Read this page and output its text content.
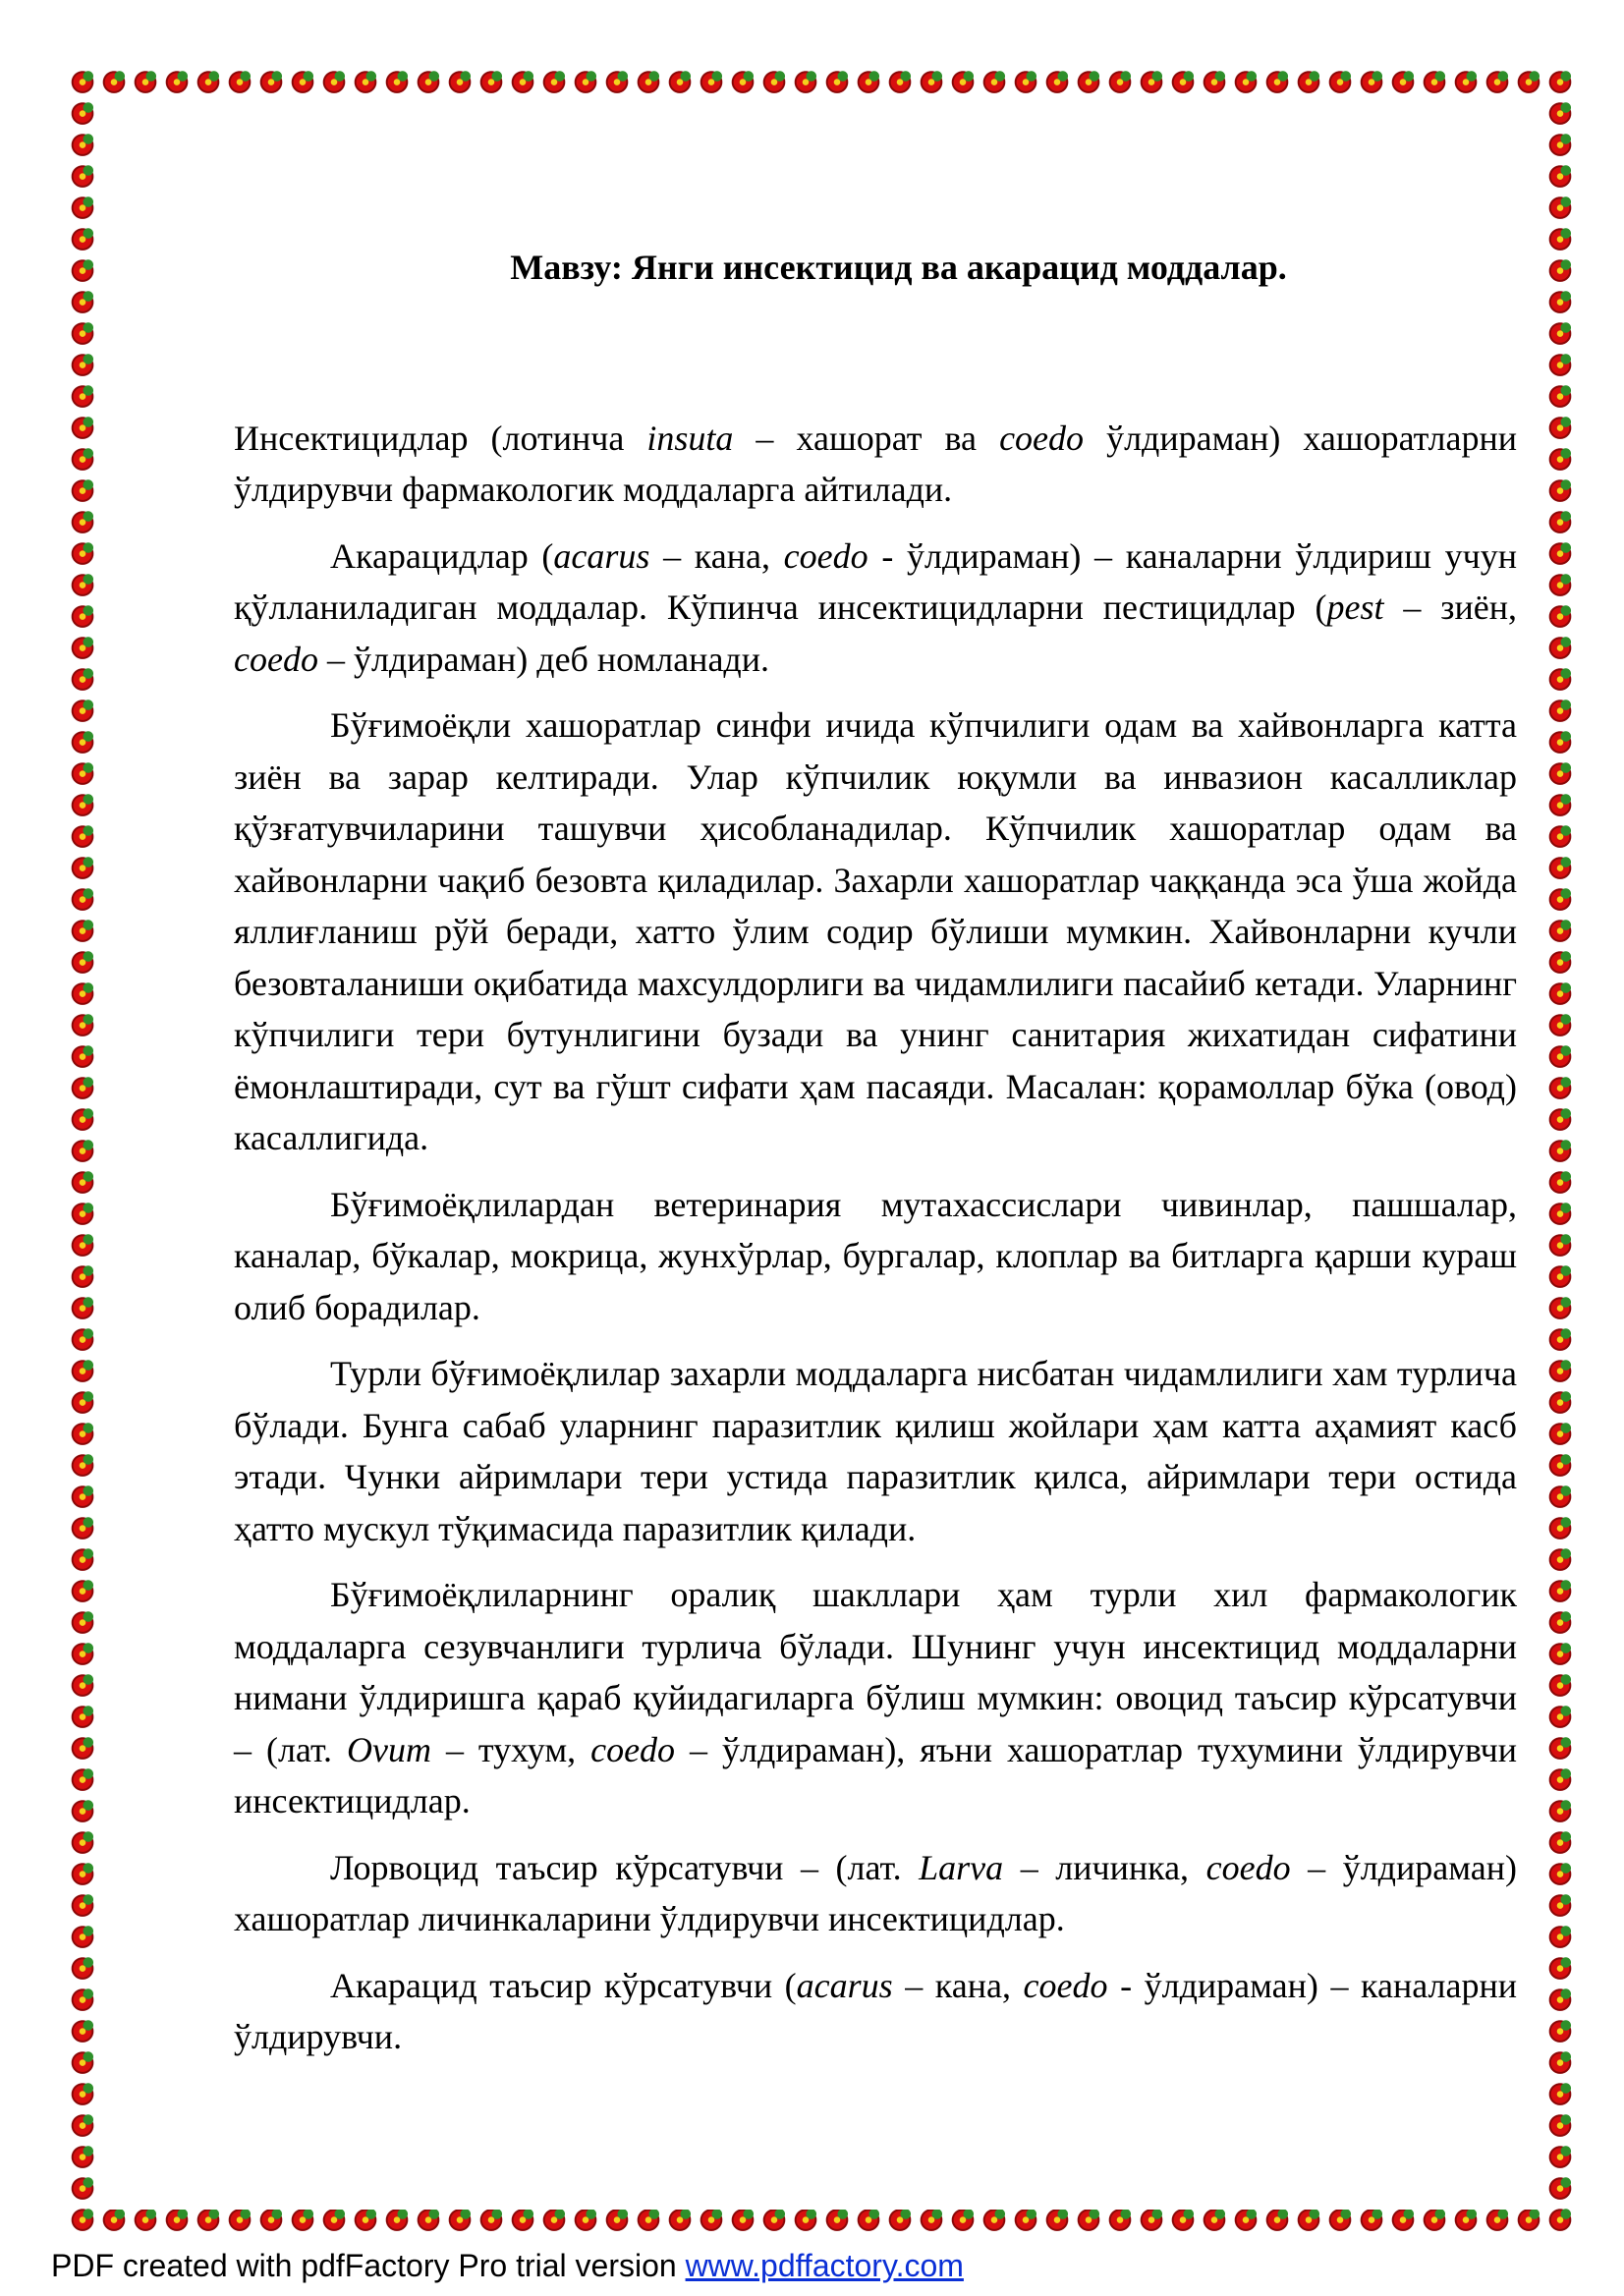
Мавзу: Янги инсектицид ва акарацид моддалар.

Инсектицидлар (лотинча insuta – хашорат ва coedo ўлдираман) хашоратларни ўлдирувчи фармакологик моддаларга айтилади.

Акарацидлар (acarus – кана, coedo - ўлдираман) – каналарни ўлдириш учун қўлланиладиган моддалар. Кўпинча инсектицидларни пестицидлар (pest – зиён, coedo – ўлдираман) деб номланади.

Бўғимоёқли хашоратлар синфи ичида кўпчилиги одам ва хайвонларга катта зиён ва зарар келтиради. Улар кўпчилик юқумли ва инвазион касалликлар қўзғатувчиларини ташувчи ҳисобланадилар. Кўпчилик хашоратлар одам ва хайвонларни чақиб безовта қиладилар. Захарли хашоратлар чаққанда эса ўша жойда яллиғланиш рўй беради, хатто ўлим содир бўлиши мумкин. Хайвонларни кучли безовталаниши оқибатида махсулдорлиги ва чидамлилиги пасайиб кетади. Уларнинг кўпчилиги тери бутунлигини бузади ва унинг санитария жихатидан сифатини ёмонлаштиради, сут ва гўшт сифати ҳам пасаяди. Масалан: қорамоллар бўка (овод) касаллигида.

Бўғимоёқлилардан ветеринария мутахассислари чивинлар, пашшалар, каналар, бўкалар, мокрица, жунхўрлар, бургалар, клоплар ва битларга қарши кураш олиб борадилар.

Турли бўғимоёқлилар захарли моддаларга нисбатан чидамлилиги хам турлича бўлади. Бунга сабаб уларнинг паразитлик қилиш жойлари ҳам катта аҳамият касб этади. Чунки айримлари тери устида паразитлик қилса, айримлари тери остида ҳатто мускул тўқимасида паразитлик қилади.

Бўғимоёқлиларнинг оралиқ шакллари ҳам турли хил фармакологик моддаларга сезувчанлиги турлича бўлади. Шунинг учун инсектицид моддаларни нимани ўлдиришга қараб қуйидагиларга бўлиш мумкин: овоцид таъсир кўрсатувчи – (лат. Ovum – тухум, coedo – ўлдираман), яъни хашоратлар тухумини ўлдирувчи инсектицидлар.

Лорвоцид таъсир кўрсатувчи – (лат. Larva – личинка, coedo – ўлдираман) хашоратлар личинкаларини ўлдирувчи инсектицидлар.

Акарацид таъсир кўрсатувчи (acarus – кана, coedo - ўлдираман) – каналарни ўлдирувчи.

PDF created with pdfFactory Pro trial version www.pdffactory.com
